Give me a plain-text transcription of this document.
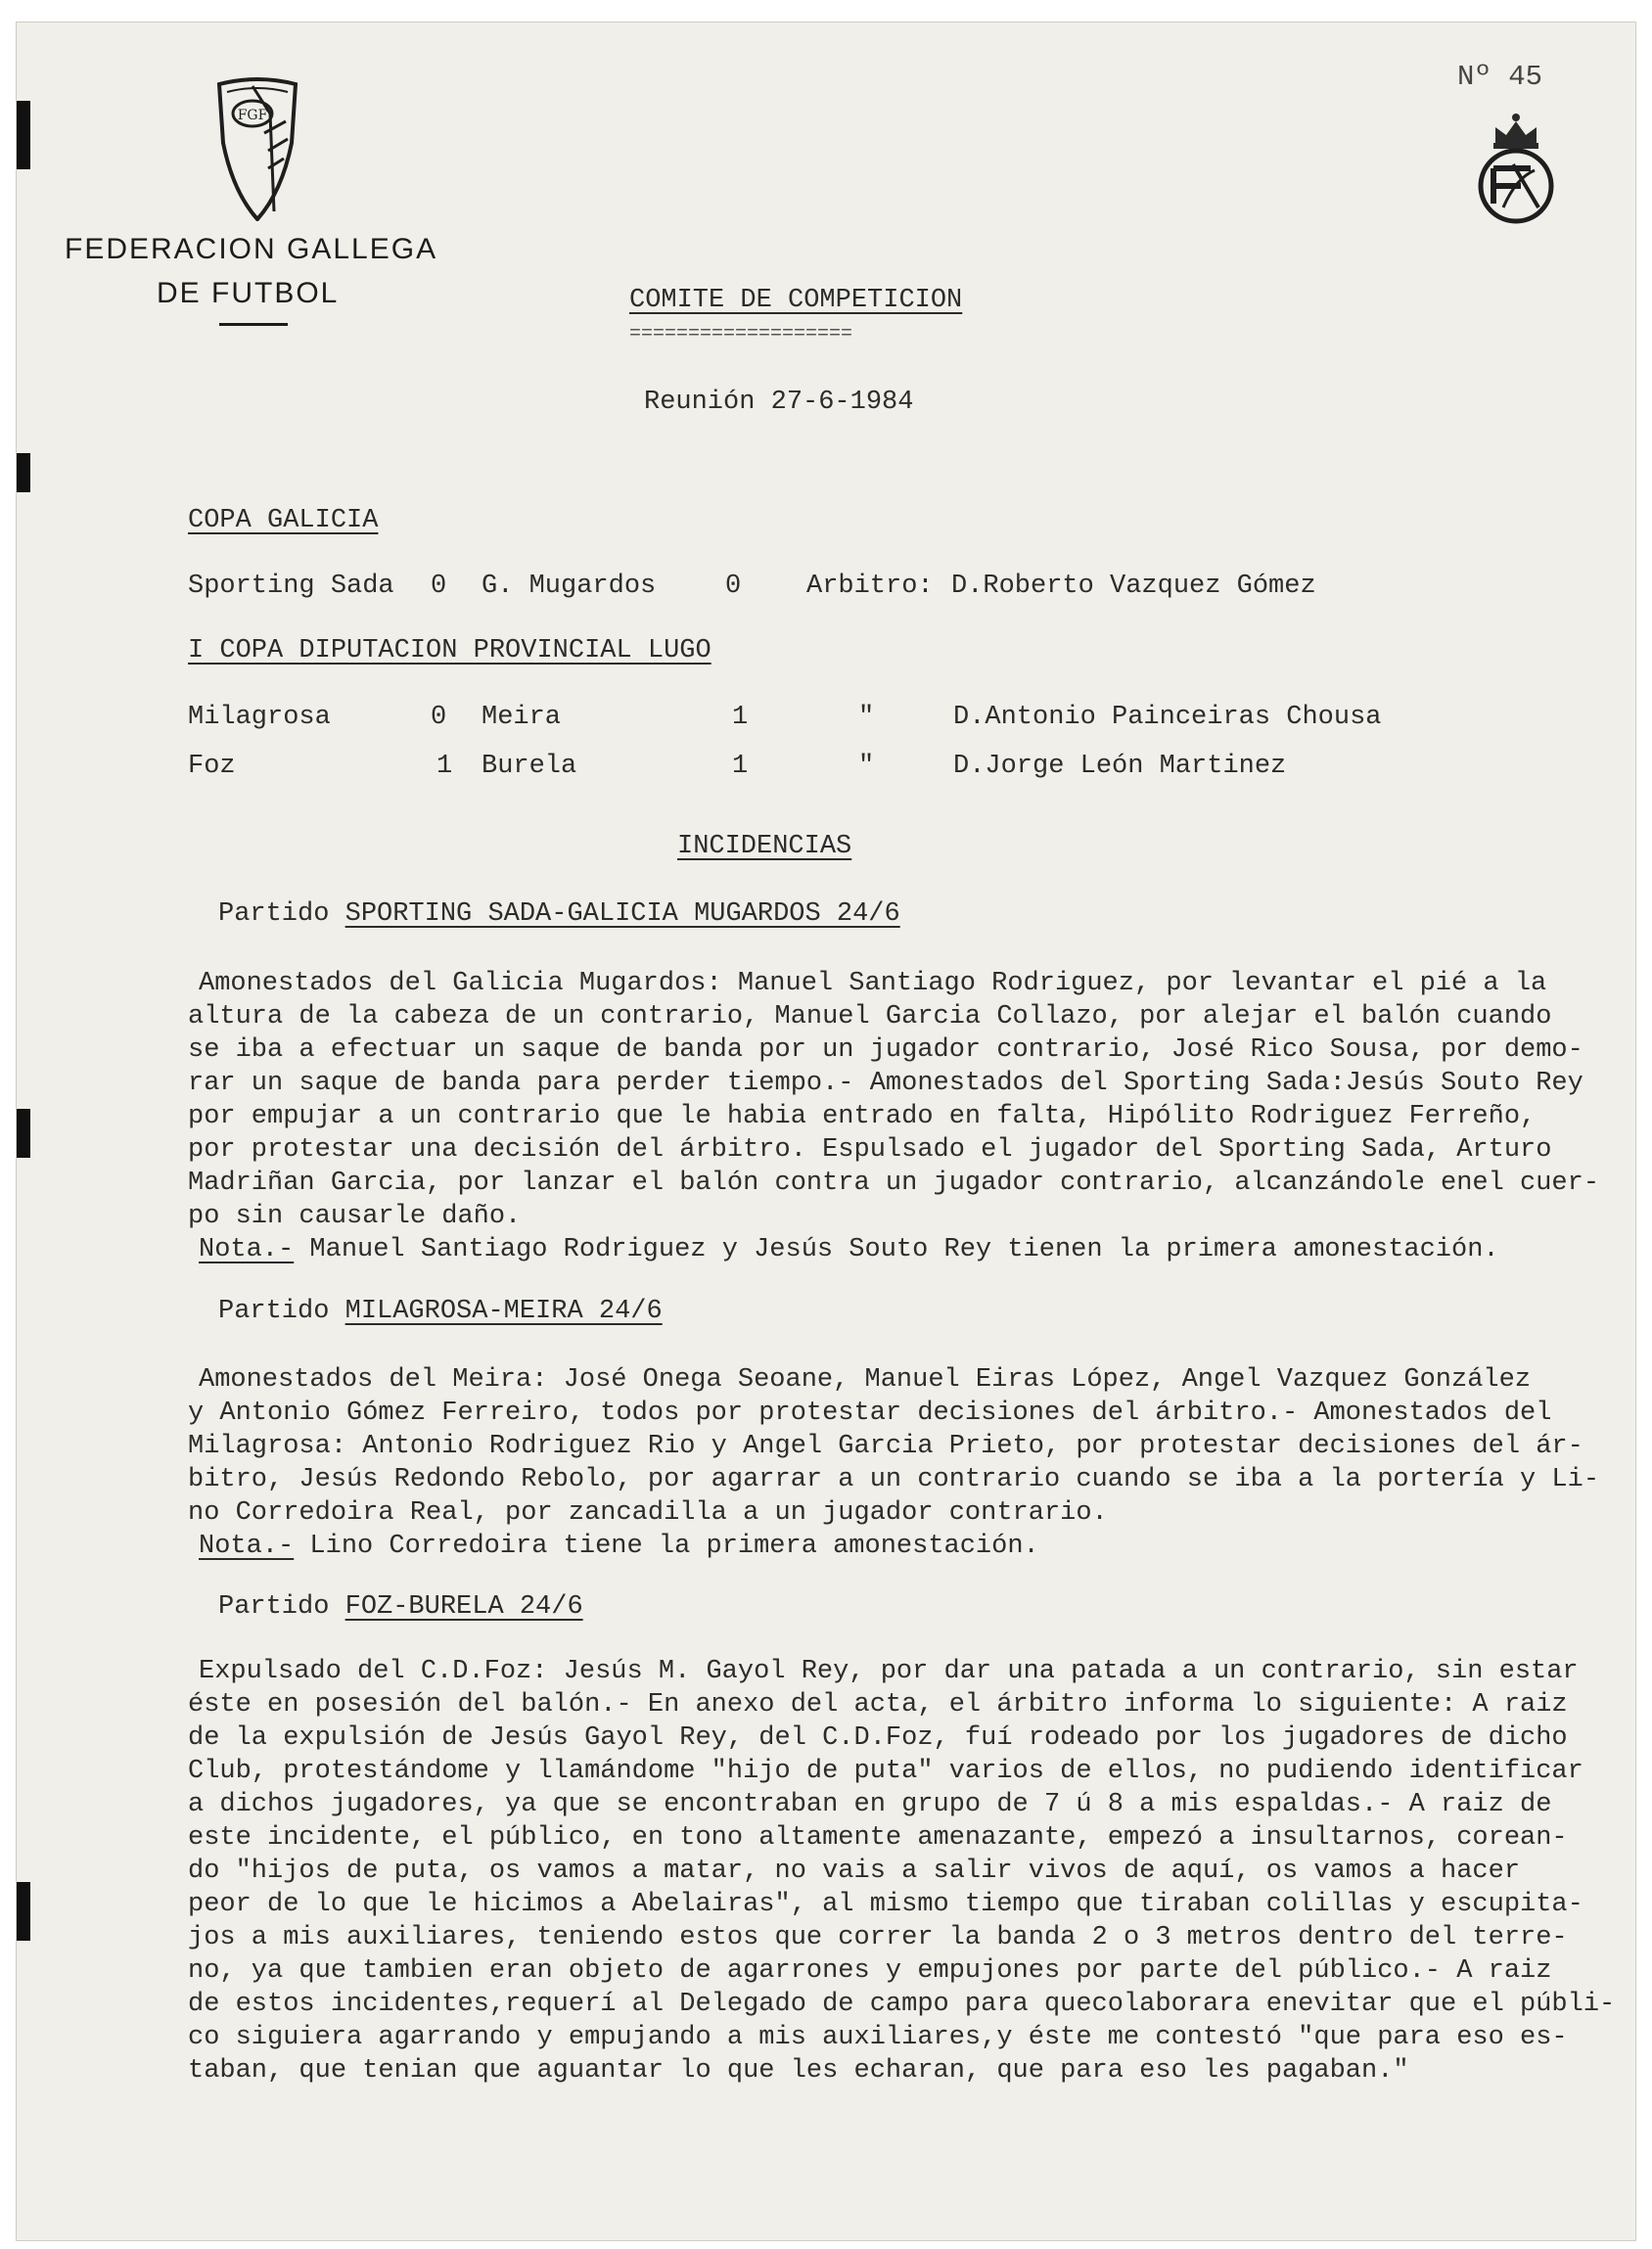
FGF
FEDERACION GALLEGA
DE FUTBOL
Nº 45
COMITE DE COMPETICION
===================
Reunión 27-6-1984
COPA GALICIA
Sporting Sada 0 G. Mugardos	0 Arbitro: D.Roberto Vazquez Gómez
I COPA DIPUTACION PROVINCIAL LUGO
Milagrosa	0 Meira	1	"	D.Antonio Painceiras Chousa
Foz	1 Burela	1	"	D.Jorge León Martinez
INCIDENCIAS
Partido SPORTING SADA-GALICIA MUGARDOS 24/6
Amonestados del Galicia Mugardos: Manuel Santiago Rodriguez, por levantar el pié a la
altura de la cabeza de un contrario, Manuel Garcia Collazo, por alejar el balón cuando
se iba a efectuar un saque de banda por un jugador contrario, José Rico Sousa, por demo-
rar un saque de banda para perder tiempo.- Amonestados del Sporting Sada:Jesús Souto Rey
por empujar a un contrario que le habia entrado en falta, Hipólito Rodriguez Ferreño,
por protestar una decisión del árbitro. Espulsado el jugador del Sporting Sada, Arturo
Madriñan Garcia, por lanzar el balón contra un jugador contrario, alcanzándole enel cuer-
po sin causarle daño.
Nota.- Manuel Santiago Rodriguez y Jesús Souto Rey tienen la primera amonestación.
Partido MILAGROSA-MEIRA 24/6
Amonestados del Meira: José Onega Seoane, Manuel Eiras López, Angel Vazquez González
y Antonio Gómez Ferreiro, todos por protestar decisiones del árbitro.- Amonestados del
Milagrosa: Antonio Rodriguez Rio y Angel Garcia Prieto, por protestar decisiones del ár-
bitro, Jesús Redondo Rebolo, por agarrar a un contrario cuando se iba a la portería y Li-
no Corredoira Real, por zancadilla a un jugador contrario.
Nota.- Lino Corredoira tiene la primera amonestación.
Partido FOZ-BURELA 24/6
Expulsado del C.D.Foz: Jesús M. Gayol Rey, por dar una patada a un contrario, sin estar
éste en posesión del balón.- En anexo del acta, el árbitro informa lo siguiente: A raiz
de la expulsión de Jesús Gayol Rey, del C.D.Foz, fuí rodeado por los jugadores de dicho
Club, protestándome y llamándome "hijo de puta" varios de ellos, no pudiendo identificar
a dichos jugadores, ya que se encontraban en grupo de 7 ú 8 a mis espaldas.- A raiz de
este incidente, el público, en tono altamente amenazante, empezó a insultarnos, corean-
do "hijos de puta, os vamos a matar, no vais a salir vivos de aquí, os vamos a hacer
peor de lo que le hicimos a Abelairas", al mismo tiempo que tiraban colillas y escupita-
jos a mis auxiliares, teniendo estos que correr la banda 2 o 3 metros dentro del terre-
no, ya que tambien eran objeto de agarrones y empujones por parte del público.- A raiz
de estos incidentes,requerí al Delegado de campo para quecolaborara enevitar que el públi-
co siguiera agarrando y empujando a mis auxiliares,y éste me contestó "que para eso es-
taban, que tenian que aguantar lo que les echaran, que para eso les pagaban."
